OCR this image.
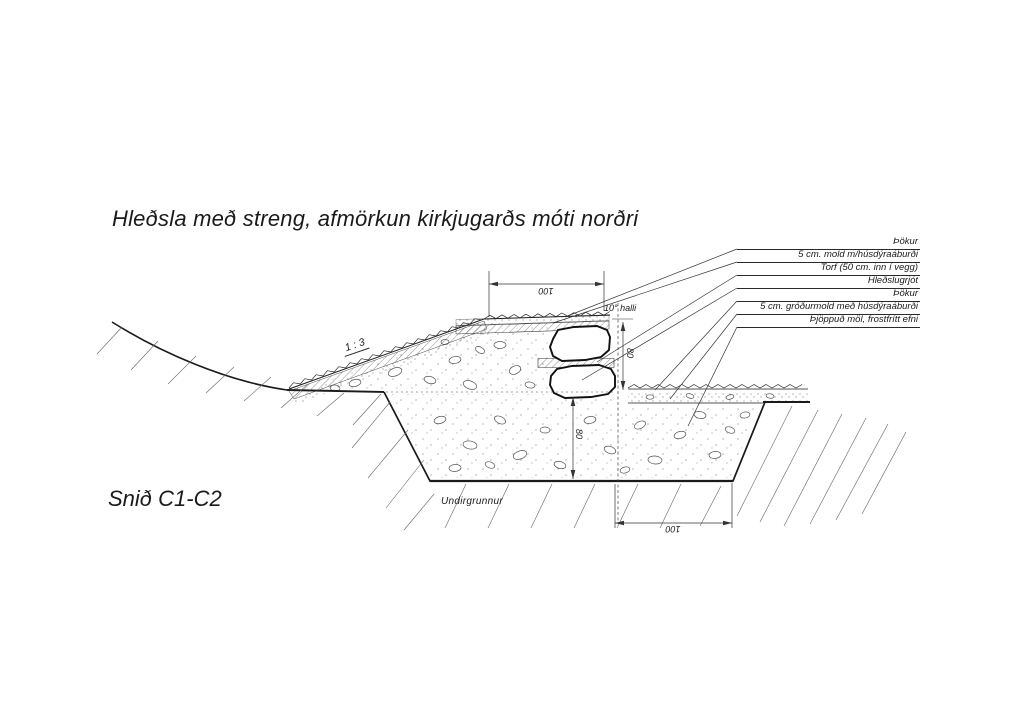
Hleðsla með streng, afmörkun kirkjugarðs móti norðri
Snið C1-C2
Þökur
5 cm. mold m/húsdýraáburði
Torf (50 cm. inn í vegg)
Hleðslugrjót
Þökur
5 cm. gróðurmold með húsdýraáburði
Þjöppuð möl, frostfrítt efni
1 : 3
10° halli
Undirgrunnur
100
100
80
80
